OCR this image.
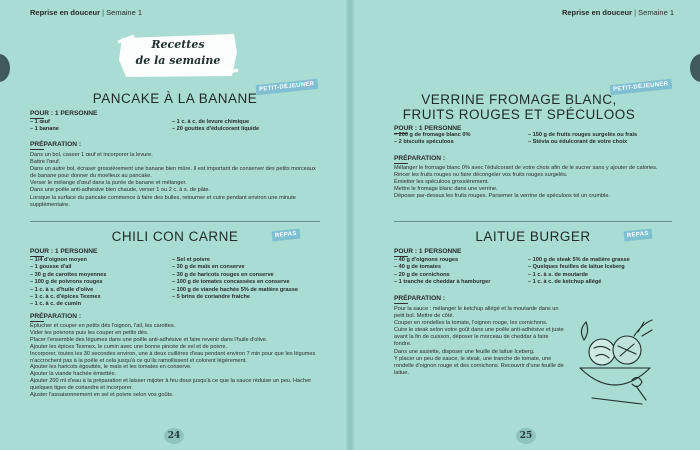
Reprise en douceur | Semaine 1
Recettes
de la semaine
PETIT-DÉJEUNER
PANCAKE À LA BANANE
POUR : 1 PERSONNE
– 1 œuf
– 1 banane
– 1 c. à c. de levure chimique
– 20 gouttes d'édulcorant liquide
PRÉPARATION :
Dans un bol, casser 1 œuf et incorporer la levure.
Battre l'œuf.
Dans un autre bol, écraser grossièrement une banane bien mûre. Il est important de conserver des petits morceaux de banane pour donner du moelleux au pancake.
Verser le mélange d'œuf dans la purée de banane et mélanger.
Dans une poêle anti-adhésive bien chaude, verser 1 ou 2 c. à s. de pâte.
Lorsque la surface du pancake commence à faire des bulles, retourner et cuire pendant environ une minute supplémentaire.
REPAS
CHILI CON CARNE
POUR : 1 PERSONNE
– 1/4 d'oignon moyen
– 1 gousse d'ail
– 30 g de carottes moyennes
– 100 g de poivrons rouges
– 1 c. à s. d'huile d'olive
– 1 c. à c. d'épices Texmex
– 1 c. à c. de cumin
– Sel et poivre
– 30 g de maïs en conserve
– 30 g de haricots rouges en conserve
– 100 g de tomates concassées en conserve
– 100 g de viande hachée 5% de matière grasse
– 5 brins de coriandre fraiche
PRÉPARATION :
Éplucher et couper en petits dés l'oignon, l'ail, les carottes.
Vider les poivrons puis les couper en petits dés.
Placer l'ensemble des légumes dans une poêle anti-adhésive et faire revenir dans l'huile d'olive.
Ajouter les épices Texmex, le cumin avec une bonne pincée de sel et de poivre.
Incorporer, toutes les 30 secondes environ, une à deux cuillères d'eau pendant environ 7 min pour que les légumes n'accrochent pas à la poêle et cela jusqu'à ce qu'ils ramollissent et colorent légèrement.
Ajouter les haricots égouttés, le maïs et les tomates en conserve.
Ajouter la viande hachée émiettée.
Ajouter 200 ml d'eau à la préparation et laisser mijoter à feu doux jusqu'à ce que la sauce réduise un peu. Hacher quelques tiges de coriandre et incorporer.
Ajuster l'assaisonnement en sel et poivre selon vos goûts.
24
Reprise en douceur | Semaine 1
PETIT-DÉJEUNER
VERRINE FROMAGE BLANC,
FRUITS ROUGES ET SPÉCULOOS
POUR : 1 PERSONNE
– 200 g de fromage blanc 0%
– 2 biscuits spéculoos
– 150 g de fruits rouges surgelés ou frais
– Stévia ou édulcorant de votre choix
PRÉPARATION :
Mélanger le fromage blanc 0% avec l'édulcorant de votre choix afin de le sucrer sans y ajouter de calories. Rincer les fruits rouges ou faire décongeler vos fruits rouges surgelés.
Émietter les spéculoos grossièrement.
Mettre le fromage blanc dans une verrine.
Déposer par-dessus les fruits rouges. Parsemer la verrine de spéculoos tel un crumble.
REPAS
LAITUE BURGER
POUR : 1 PERSONNE
– 40 g d'oignons rouges
– 40 g de tomates
– 20 g de cornichons
– 1 tranche de cheddar à hamburger
– 100 g de steak 5% de matière grasse
– Quelques feuilles de laitue Iceberg
– 1 c. à s. de moutarde
– 1 c. à c. de ketchup allégé
PRÉPARATION :
Pour la sauce : mélanger le ketchup allégé et la moutarde dans un petit bol. Mettre de côté.
Couper en rondelles la tomate, l'oignon rouge, les cornichons.
Cuire le steak selon votre goût dans une poêle anti-adhésive et juste avant la fin de cuisson, déposer le morceau de cheddar à faire fondre.
Dans une assiette, disposer une feuille de laitue Iceberg.
Y placer un peu de sauce, le steak, une tranche de tomate, une rondelle d'oignon rouge et des cornichons. Recouvrir d'une feuille de laitue.
25
